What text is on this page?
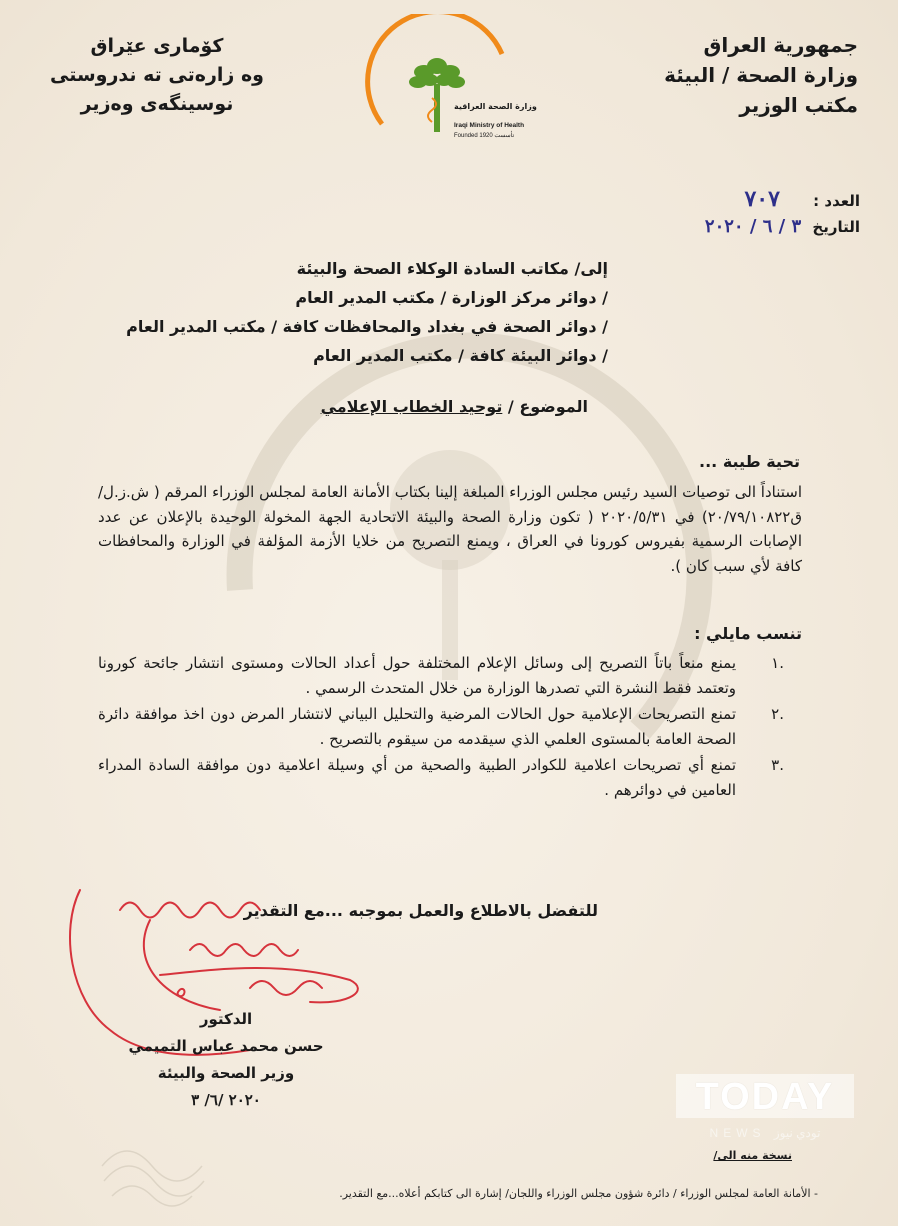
جمهورية العراق
وزارة الصحة / البيئة
مكتب الوزير
کۆماری عێراق
وه زارەتی تە ندروستی
نوسینگەی وەزیر	وزارة الصحة العراقية
Iraqi Ministry of Health
Founded 1920 تأسست
العدد : ٧٠٧
التاريخ ٣ / ٦ / ٢٠٢٠
إلى/ مكاتب السادة الوكلاء الصحة والبيئة
/ دوائر مركز الوزارة / مكتب المدير العام
/ دوائر الصحة في بغداد والمحافظات كافة / مكتب المدير العام
/ دوائر البيئة كافة / مكتب المدير العام
الموضوع / توحيد الخطاب الإعلامي
تحية طيبة ...
استناداً الى توصيات السيد رئيس مجلس الوزراء المبلغة إلينا بكتاب الأمانة العامة لمجلس الوزراء المرقم ( ش.ز.ل/ ق٢٠/٧٩/١٠٨٢٢) في ٢٠٢٠/٥/٣١ ( تكون وزارة الصحة والبيئة الاتحادية الجهة المخولة الوحيدة بالإعلان عن عدد الإصابات الرسمية بفيروس كورونا في العراق ، ويمنع التصريح من خلايا الأزمة المؤلفة في الوزارة والمحافظات كافة لأي سبب كان ).
تنسب مايلي :
.١
يمنع منعاً باتاً التصريح إلى وسائل الإعلام المختلفة حول أعداد الحالات ومستوى انتشار جائحة كورونا وتعتمد فقط النشرة التي تصدرها الوزارة من خلال المتحدث الرسمي .
.٢
تمنع التصريحات الإعلامية حول الحالات المرضية والتحليل البياني لانتشار المرض دون اخذ موافقة دائرة الصحة العامة بالمستوى العلمي الذي سيقدمه من سيقوم بالتصريح .
.٣
تمنع أي تصريحات اعلامية للكوادر الطبية والصحية من أي وسيلة اعلامية دون موافقة السادة المدراء العامين في دوائرهم .
للتفضل بالاطلاع والعمل بموجبه ...مع التقدير
الدكتور
حسن محمد عباس التميمي
وزير الصحة والبيئة
٢٠٢٠ /٦/ ٣	TODAY
NEWS تودي نيوز
نسخة منه الى/
- الأمانة العامة لمجلس الوزراء / دائرة شؤون مجلس الوزراء واللجان/ إشارة الى كتابكم أعلاه...مع التقدير.
